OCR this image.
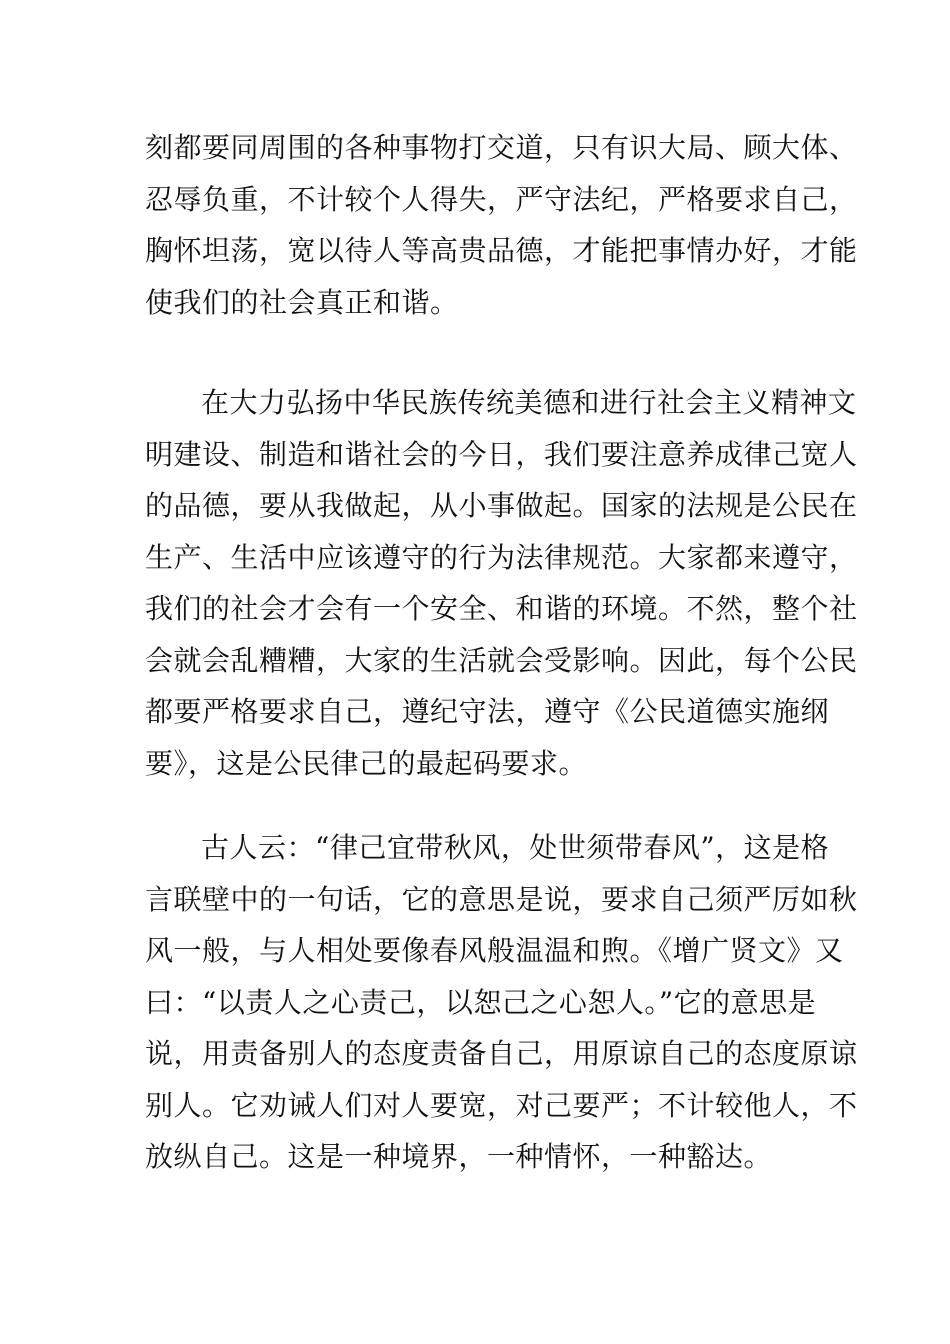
刻都要同周围的各种事物打交道，只有识大局、顾大体、
忍辱负重，不计较个人得失，严守法纪，严格要求自己，
胸怀坦荡，宽以待人等高贵品德，才能把事情办好，才能
使我们的社会真正和谐。
在大力弘扬中华民族传统美德和进行社会主义精神文
明建设、制造和谐社会的今日，我们要注意养成律己宽人
的品德，要从我做起，从小事做起。国家的法规是公民在
生产、生活中应该遵守的行为法律规范。大家都来遵守，
我们的社会才会有一个安全、和谐的环境。不然，整个社
会就会乱糟糟，大家的生活就会受影响。因此，每个公民
都要严格要求自己，遵纪守法，遵守《公民道德实施纲
要》，这是公民律己的最起码要求。
古人云：“律己宜带秋风，处世须带春风”，这是格
言联壁中的一句话，它的意思是说，要求自己须严厉如秋
风一般，与人相处要像春风般温温和煦。《增广贤文》又
曰：“以责人之心责己，以恕己之心恕人。”它的意思是
说，用责备别人的态度责备自己，用原谅自己的态度原谅
别人。它劝诫人们对人要宽，对己要严；不计较他人，不
放纵自己。这是一种境界，一种情怀，一种豁达。
